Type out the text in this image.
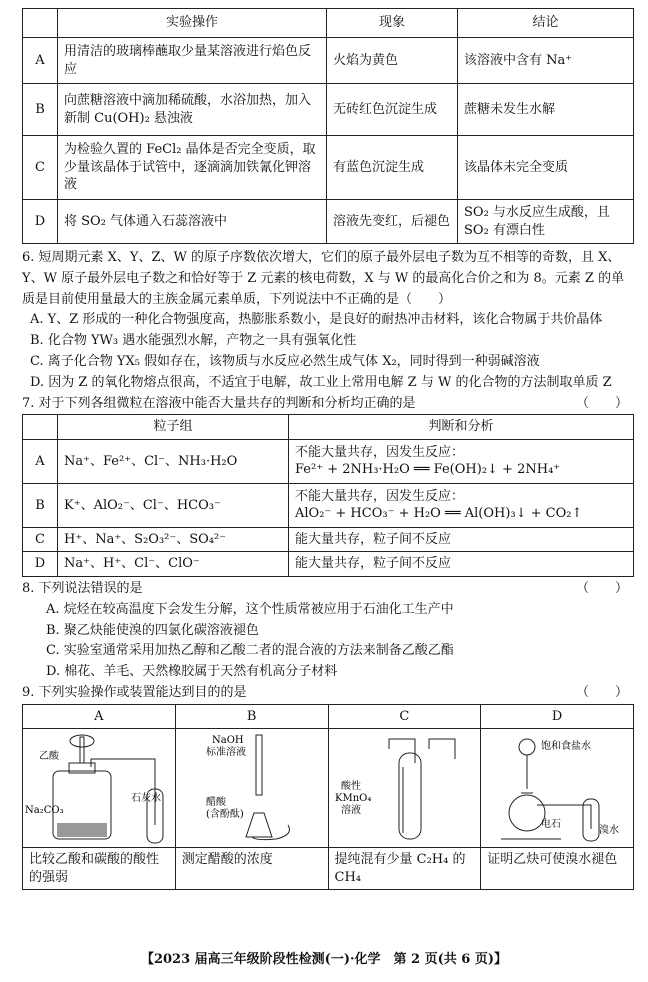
	实验操作	现象	结论
A	用清洁的玻璃棒蘸取少量某溶液进行焰色反应	火焰为黄色	该溶液中含有 Na⁺
B	向蔗糖溶液中滴加稀硫酸，水浴加热，加入新制 Cu(OH)₂ 悬浊液	无砖红色沉淀生成	蔗糖未发生水解
C	为检验久置的 FeCl₂ 晶体是否完全变质，取少量该晶体于试管中，逐滴滴加铁氰化钾溶液	有蓝色沉淀生成	该晶体未完全变质
D	将 SO₂ 气体通入石蕊溶液中	溶液先变红，后褪色	SO₂ 与水反应生成酸，且 SO₂ 有漂白性

6. 短周期元素 X、Y、Z、W 的原子序数依次增大，它们的原子最外层电子数为互不相等的奇数，且 X、Y、W 原子最外层电子数之和恰好等于 Z 元素的核电荷数，X 与 W 的最高化合价之和为 8。元素 Z 的单质是目前使用量最大的主族金属元素单质，下列说法中不正确的是（　　）

A. Y、Z 形成的一种化合物强度高，热膨胀系数小，是良好的耐热冲击材料，该化合物属于共价晶体

B. 化合物 YW₃ 遇水能强烈水解，产物之一具有强氧化性

C. 离子化合物 YX₅ 假如存在，该物质与水反应必然生成气体 X₂，同时得到一种弱碱溶液

D. 因为 Z 的氧化物熔点很高，不适宜于电解，故工业上常用电解 Z 与 W 的化合物的方法制取单质 Z

7. 对于下列各组微粒在溶液中能否大量共存的判断和分析均正确的是	（　　）

	粒子组	判断和分析
A	Na⁺、Fe²⁺、Cl⁻、NH₃·H₂O	不能大量共存，因发生反应：
Fe²⁺ + 2NH₃·H₂O ══ Fe(OH)₂↓ + 2NH₄⁺

B	K⁺、AlO₂⁻、Cl⁻、HCO₃⁻	不能大量共存，因发生反应：
AlO₂⁻ + HCO₃⁻ + H₂O ══ Al(OH)₃↓ + CO₂↑

C	H⁺、Na⁺、S₂O₃²⁻、SO₄²⁻	能大量共存，粒子间不反应
D	Na⁺、H⁺、Cl⁻、ClO⁻	能大量共存，粒子间不反应

8. 下列说法错误的是	（　　）

A. 烷烃在较高温度下会发生分解，这个性质常被应用于石油化工生产中

B. 聚乙炔能使溴的四氯化碳溶液褪色

C. 实验室通常采用加热乙醇和乙酸二者的混合液的方法来制备乙酸乙酯

D. 棉花、羊毛、天然橡胶属于天然有机高分子材料

9. 下列实验操作或装置能达到目的的是	（　　）

A	B	C	D

乙酸
Na₂CO₃
石灰水	NaOH
标准溶液
醋酸
(含酚酞)	酸性
KMnO₄
溶液	饱和食盐水
电石
溴水

比较乙酸和碳酸的酸性的强弱	测定醋酸的浓度	提纯混有少量 C₂H₄ 的 CH₄	证明乙炔可使溴水褪色
【2023 届高三年级阶段性检测(一)·化学　第 2 页(共 6 页)】
